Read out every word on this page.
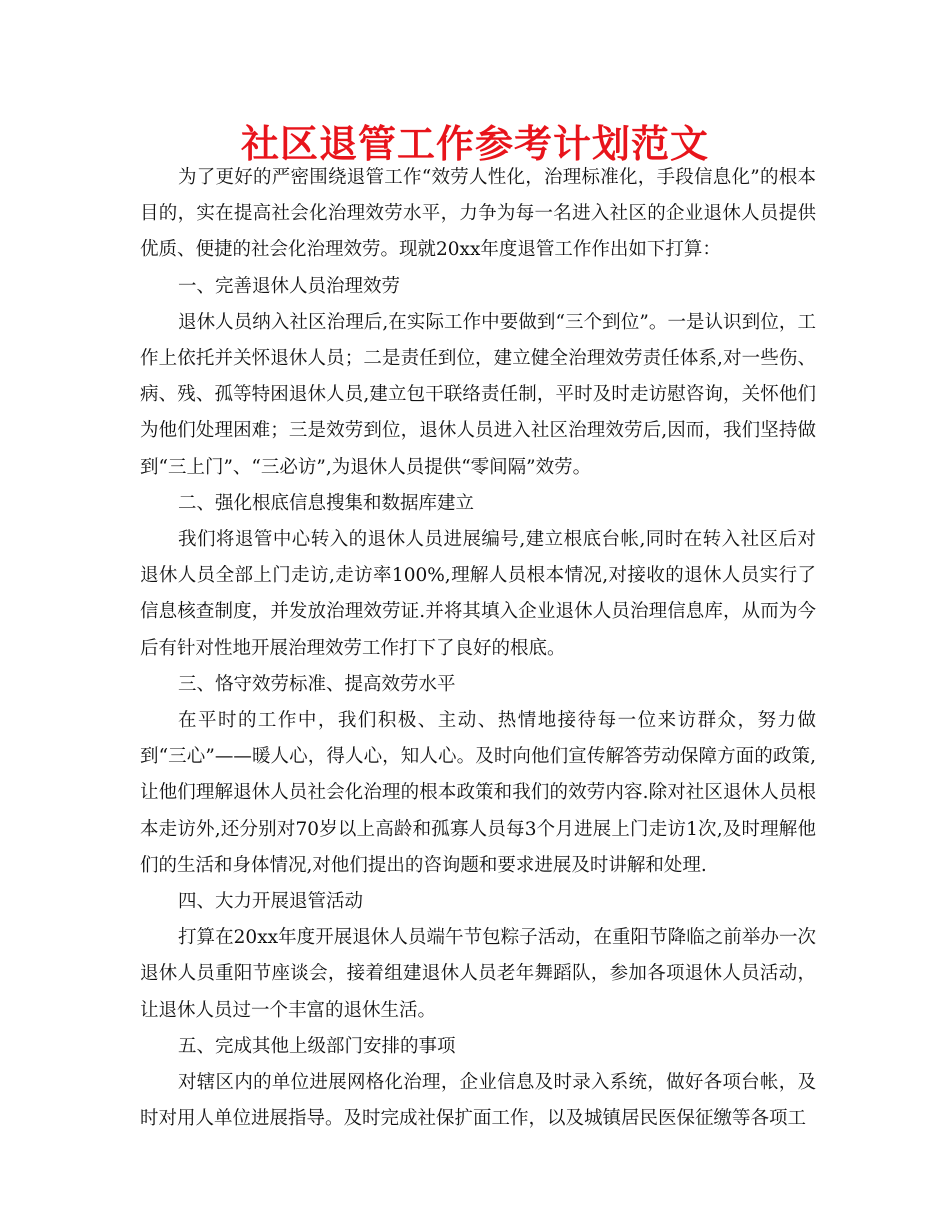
社区退管工作参考计划范文

为了更好的严密围绕退管工作“效劳人性化，治理标准化，手段信息化”的根本目的，实在提高社会化治理效劳水平，力争为每一名进入社区的企业退休人员提供优质、便捷的社会化治理效劳。现就20xx年度退管工作作出如下打算：

一、完善退休人员治理效劳

退休人员纳入社区治理后,在实际工作中要做到“三个到位”。一是认识到位，工作上依托并关怀退休人员；二是责任到位，建立健全治理效劳责任体系,对一些伤、病、残、孤等特困退休人员,建立包干联络责任制，平时及时走访慰咨询，关怀他们为他们处理困难；三是效劳到位，退休人员进入社区治理效劳后,因而，我们坚持做到“三上门”、“三必访”,为退休人员提供“零间隔”效劳。

二、强化根底信息搜集和数据库建立

我们将退管中心转入的退休人员进展编号,建立根底台帐,同时在转入社区后对退休人员全部上门走访,走访率100%,理解人员根本情况,对接收的退休人员实行了信息核查制度，并发放治理效劳证.并将其填入企业退休人员治理信息库，从而为今后有针对性地开展治理效劳工作打下了良好的根底。

三、恪守效劳标准、提高效劳水平

在平时的工作中，我们积极、主动、热情地接待每一位来访群众，努力做到“三心”——暖人心，得人心，知人心。及时向他们宣传解答劳动保障方面的政策,让他们理解退休人员社会化治理的根本政策和我们的效劳内容.除对社区退休人员根本走访外,还分别对70岁以上高龄和孤寡人员每3个月进展上门走访1次,及时理解他们的生活和身体情况,对他们提出的咨询题和要求进展及时讲解和处理.

四、大力开展退管活动

打算在20xx年度开展退休人员端午节包粽子活动，在重阳节降临之前举办一次退休人员重阳节座谈会，接着组建退休人员老年舞蹈队，参加各项退休人员活动，让退休人员过一个丰富的退休生活。

五、完成其他上级部门安排的事项

对辖区内的单位进展网格化治理，企业信息及时录入系统，做好各项台帐，及时对用人单位进展指导。及时完成社保扩面工作，以及城镇居民医保征缴等各项工
